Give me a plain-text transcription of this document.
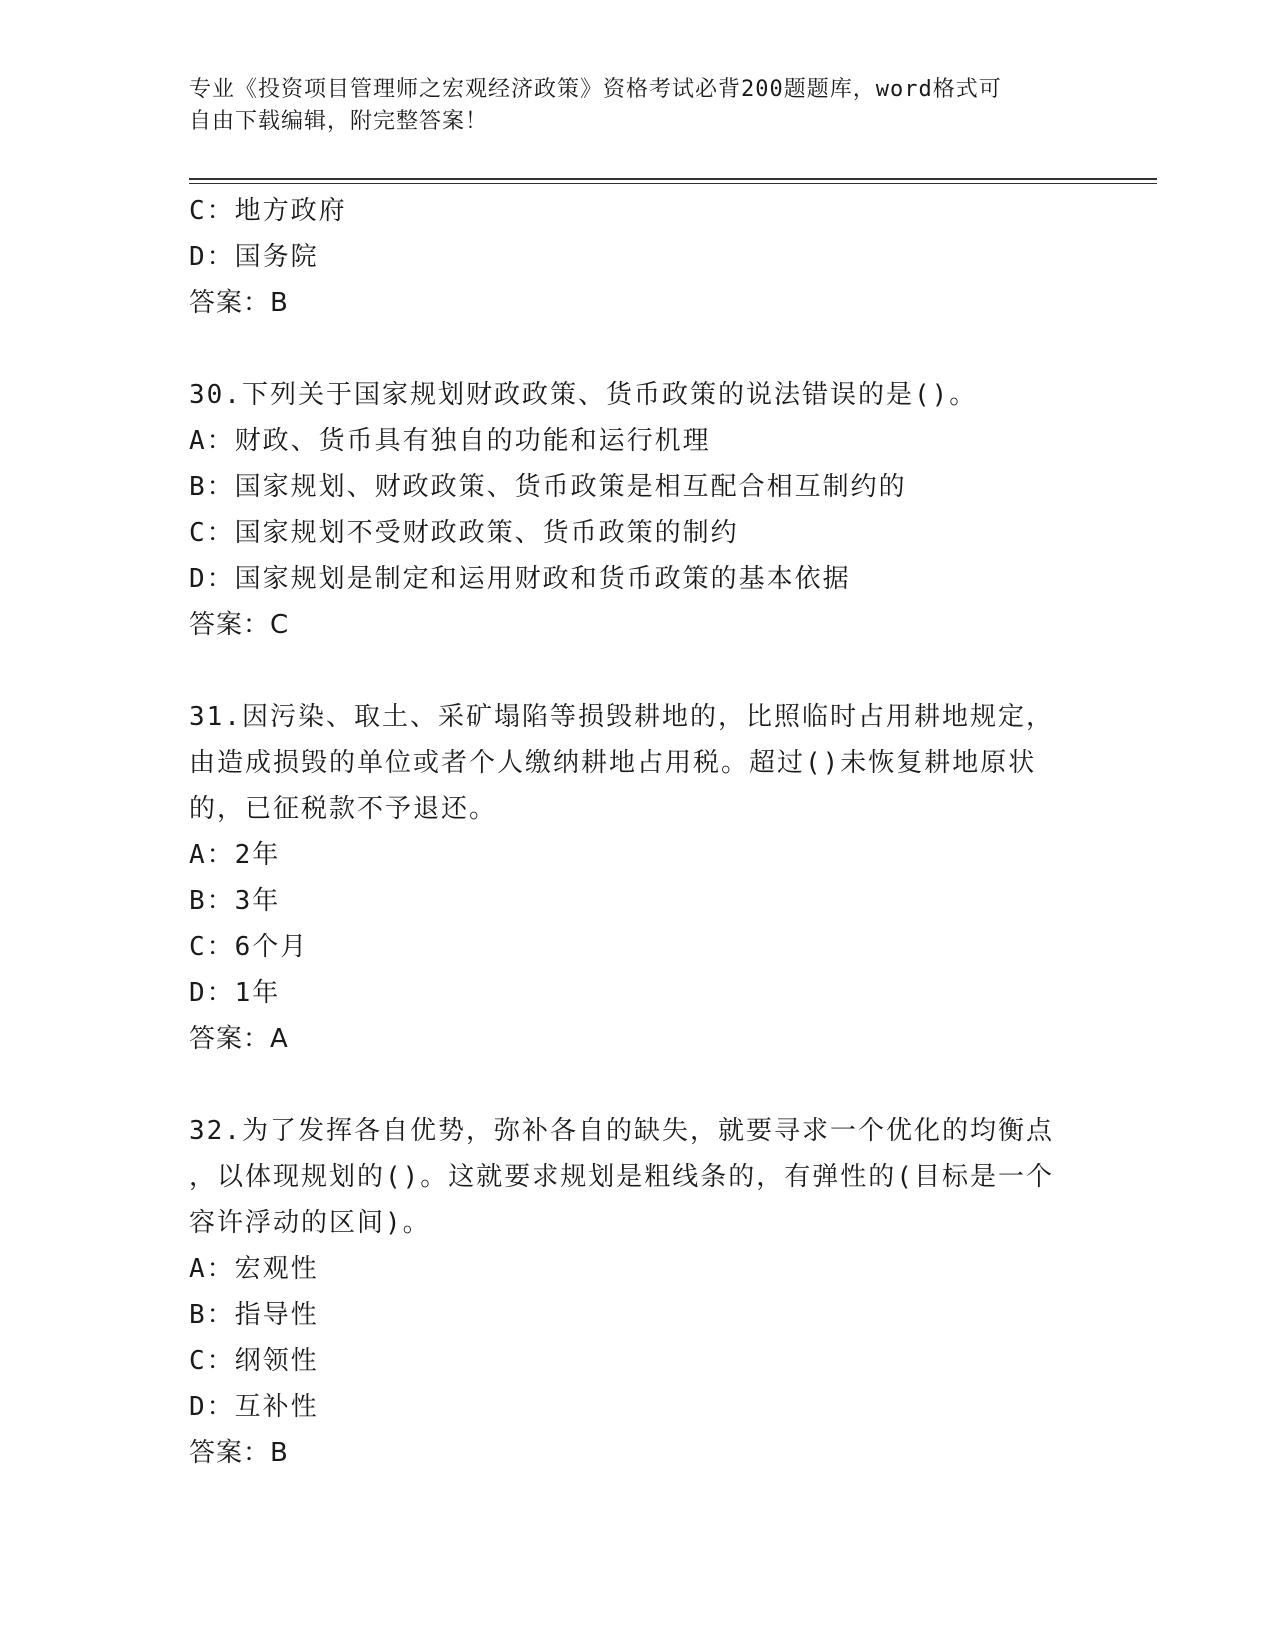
专业《投资项目管理师之宏观经济政策》资格考试必背200题题库，word格式可
自由下载编辑，附完整答案！
C：地方政府
D：国务院
答案：B
30.下列关于国家规划财政政策、货币政策的说法错误的是()。
A：财政、货币具有独自的功能和运行机理
B：国家规划、财政政策、货币政策是相互配合相互制约的
C：国家规划不受财政政策、货币政策的制约
D：国家规划是制定和运用财政和货币政策的基本依据
答案：C
31.因污染、取土、采矿塌陷等损毁耕地的，比照临时占用耕地规定，
由造成损毁的单位或者个人缴纳耕地占用税。超过()未恢复耕地原状
的，已征税款不予退还。
A：2年
B：3年
C：6个月
D：1年
答案：A
32.为了发挥各自优势，弥补各自的缺失，就要寻求一个优化的均衡点
，以体现规划的()。这就要求规划是粗线条的，有弹性的(目标是一个
容许浮动的区间)。
A：宏观性
B：指导性
C：纲领性
D：互补性
答案：B
